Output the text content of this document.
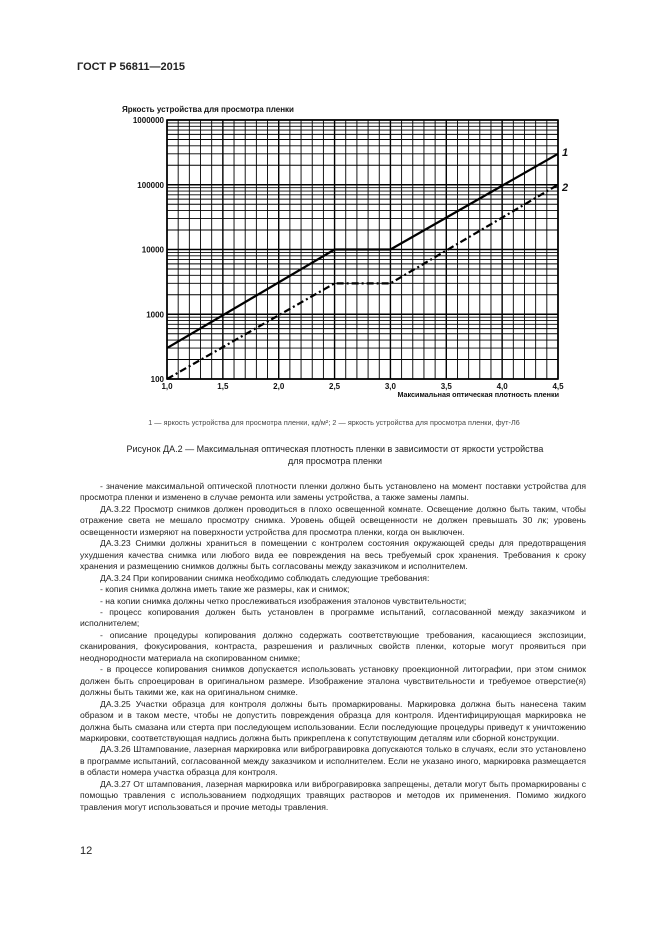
ГОСТ Р 56811—2015
Яркость устройства для просмотра пленки
1
2
1,0	1,5	2,0	2,5	3,0	3,5	4,0	4,5
100
1000
10000
100000
1000000
Максимальная оптическая плотность пленки
1 — яркость устройства для просмотра пленки, кд/м²; 2 — яркость устройства для просмотра пленки, фут-Л6
Рисунок ДА.2 — Максимальная оптическая плотность пленки в зависимости от яркости устройства
для просмотра пленки

- значение максимальной оптической плотности пленки должно быть установлено на момент поставки устройства для просмотра пленки и изменено в случае ремонта или замены устройства, а также замены лампы.

ДА.3.22 Просмотр снимков должен проводиться в плохо освещенной комнате. Освещение должно быть таким, чтобы отражение света не мешало просмотру снимка. Уровень общей освещенности не должен превышать 30 лк; уровень освещенности измеряют на поверхности устройства для просмотра пленки, когда он выключен.

ДА.3.23 Снимки должны храниться в помещении с контролем состояния окружающей среды для предотвращения ухудшения качества снимка или любого вида ее повреждения на весь требуемый срок хранения. Требования к сроку хранения и размещению снимков должны быть согласованы между заказчиком и исполнителем.

ДА.3.24 При копировании снимка необходимо соблюдать следующие требования:

- копия снимка должна иметь такие же размеры, как и снимок;

- на копии снимка должны четко прослеживаться изображения эталонов чувствительности;

- процесс копирования должен быть установлен в программе испытаний, согласованной между заказчиком и исполнителем;

- описание процедуры копирования должно содержать соответствующие требования, касающиеся экспозиции, сканирования, фокусирования, контраста, разрешения и различных свойств пленки, которые могут проявиться при неоднородности материала на скопированном снимке;

- в процессе копирования снимков допускается использовать установку проекционной литографии, при этом снимок должен быть спроецирован в оригинальном размере. Изображение эталона чувствительности и требуемое отверстие(я) должны быть такими же, как на оригинальном снимке.

ДА.3.25 Участки образца для контроля должны быть промаркированы. Маркировка должна быть нанесена таким образом и в таком месте, чтобы не допустить повреждения образца для контроля. Идентифицирующая маркировка не должна быть смазана или стерта при последующем использовании. Если последующие процедуры приведут к уничтожению маркировки, соответствующая надпись должна быть прикреплена к сопутствующим деталям или сборной конструкции.

ДА.3.26 Штампование, лазерная маркировка или виброгравировка допускаются только в случаях, если это установлено в программе испытаний, согласованной между заказчиком и исполнителем. Если не указано иного, маркировка размещается в области номера участка образца для контроля.

ДА.3.27 От штампования, лазерная маркировка или виброгравировка запрещены, детали могут быть промаркированы с помощью травления с использованием подходящих травящих растворов и методов их применения. Помимо жидкого травления могут использоваться и прочие методы травления.

12
